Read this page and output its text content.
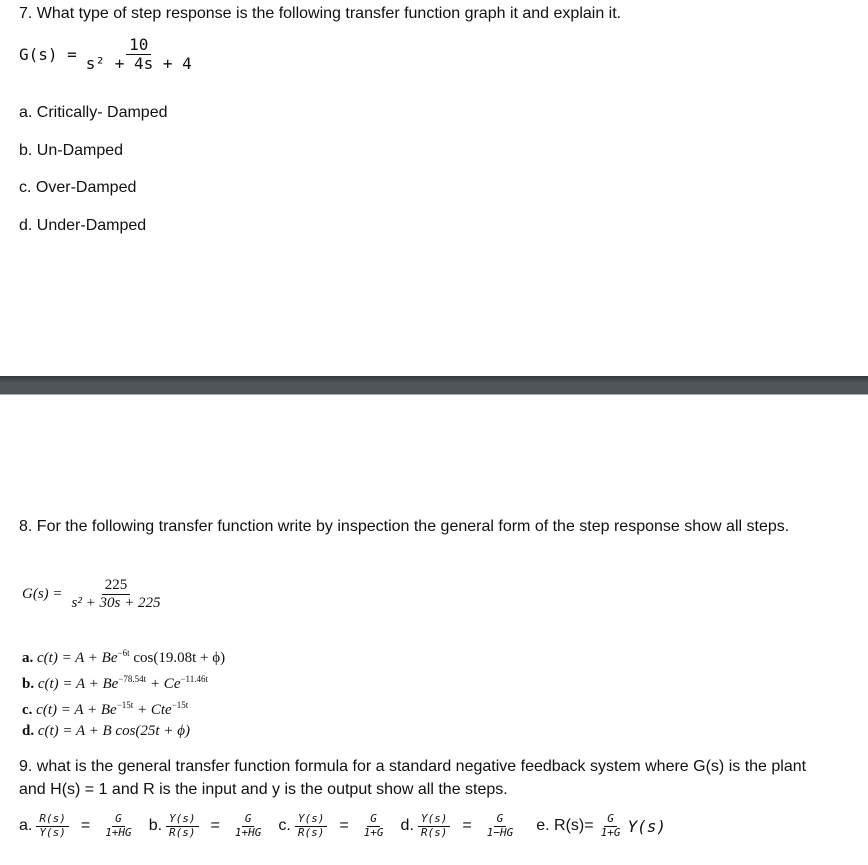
7. What type of step response is the following transfer function graph it and explain it.
$G(s) = \frac{10}{\text{s² + 4s + 4}}$
a. Critically- Damped
b. Un-Damped
c. Over-Damped
d. Under-Damped
8. For the following transfer function write by inspection the general form of the step response show all steps.
$G(s) = \frac{225}{\text{s² + 30s + 225}}$
a. $c(t) = A + Be^{-6t}$ cos(19.08t + ϕ)
b. $c(t) = A + Be^{-78.54t} + Ce^{-11.46t}$
c. $c(t) = A + Be^{-15t} + Cte^{-15t}$
d. c(t) = A + B cos(25t + ϕ)
9. what is the general transfer function formula for a standard negative feedback system where G(s) is the plant and H(s) = 1 and R is the input and y is the output show all the steps.
a. $\frac{R(s)}{Y(s)} = \frac{G}{1+HG} b$. $\frac{Y(s)}{R(s)} = \frac{G}{1+HG} c$. $\frac{Y(s)}{R(s)} = \frac{G}{1+G} d$. $\frac{Y(s)}{R(s)} = \frac{G}{1-HG} e$. $R(s)= \frac{G}{1+G} Y(s)$
